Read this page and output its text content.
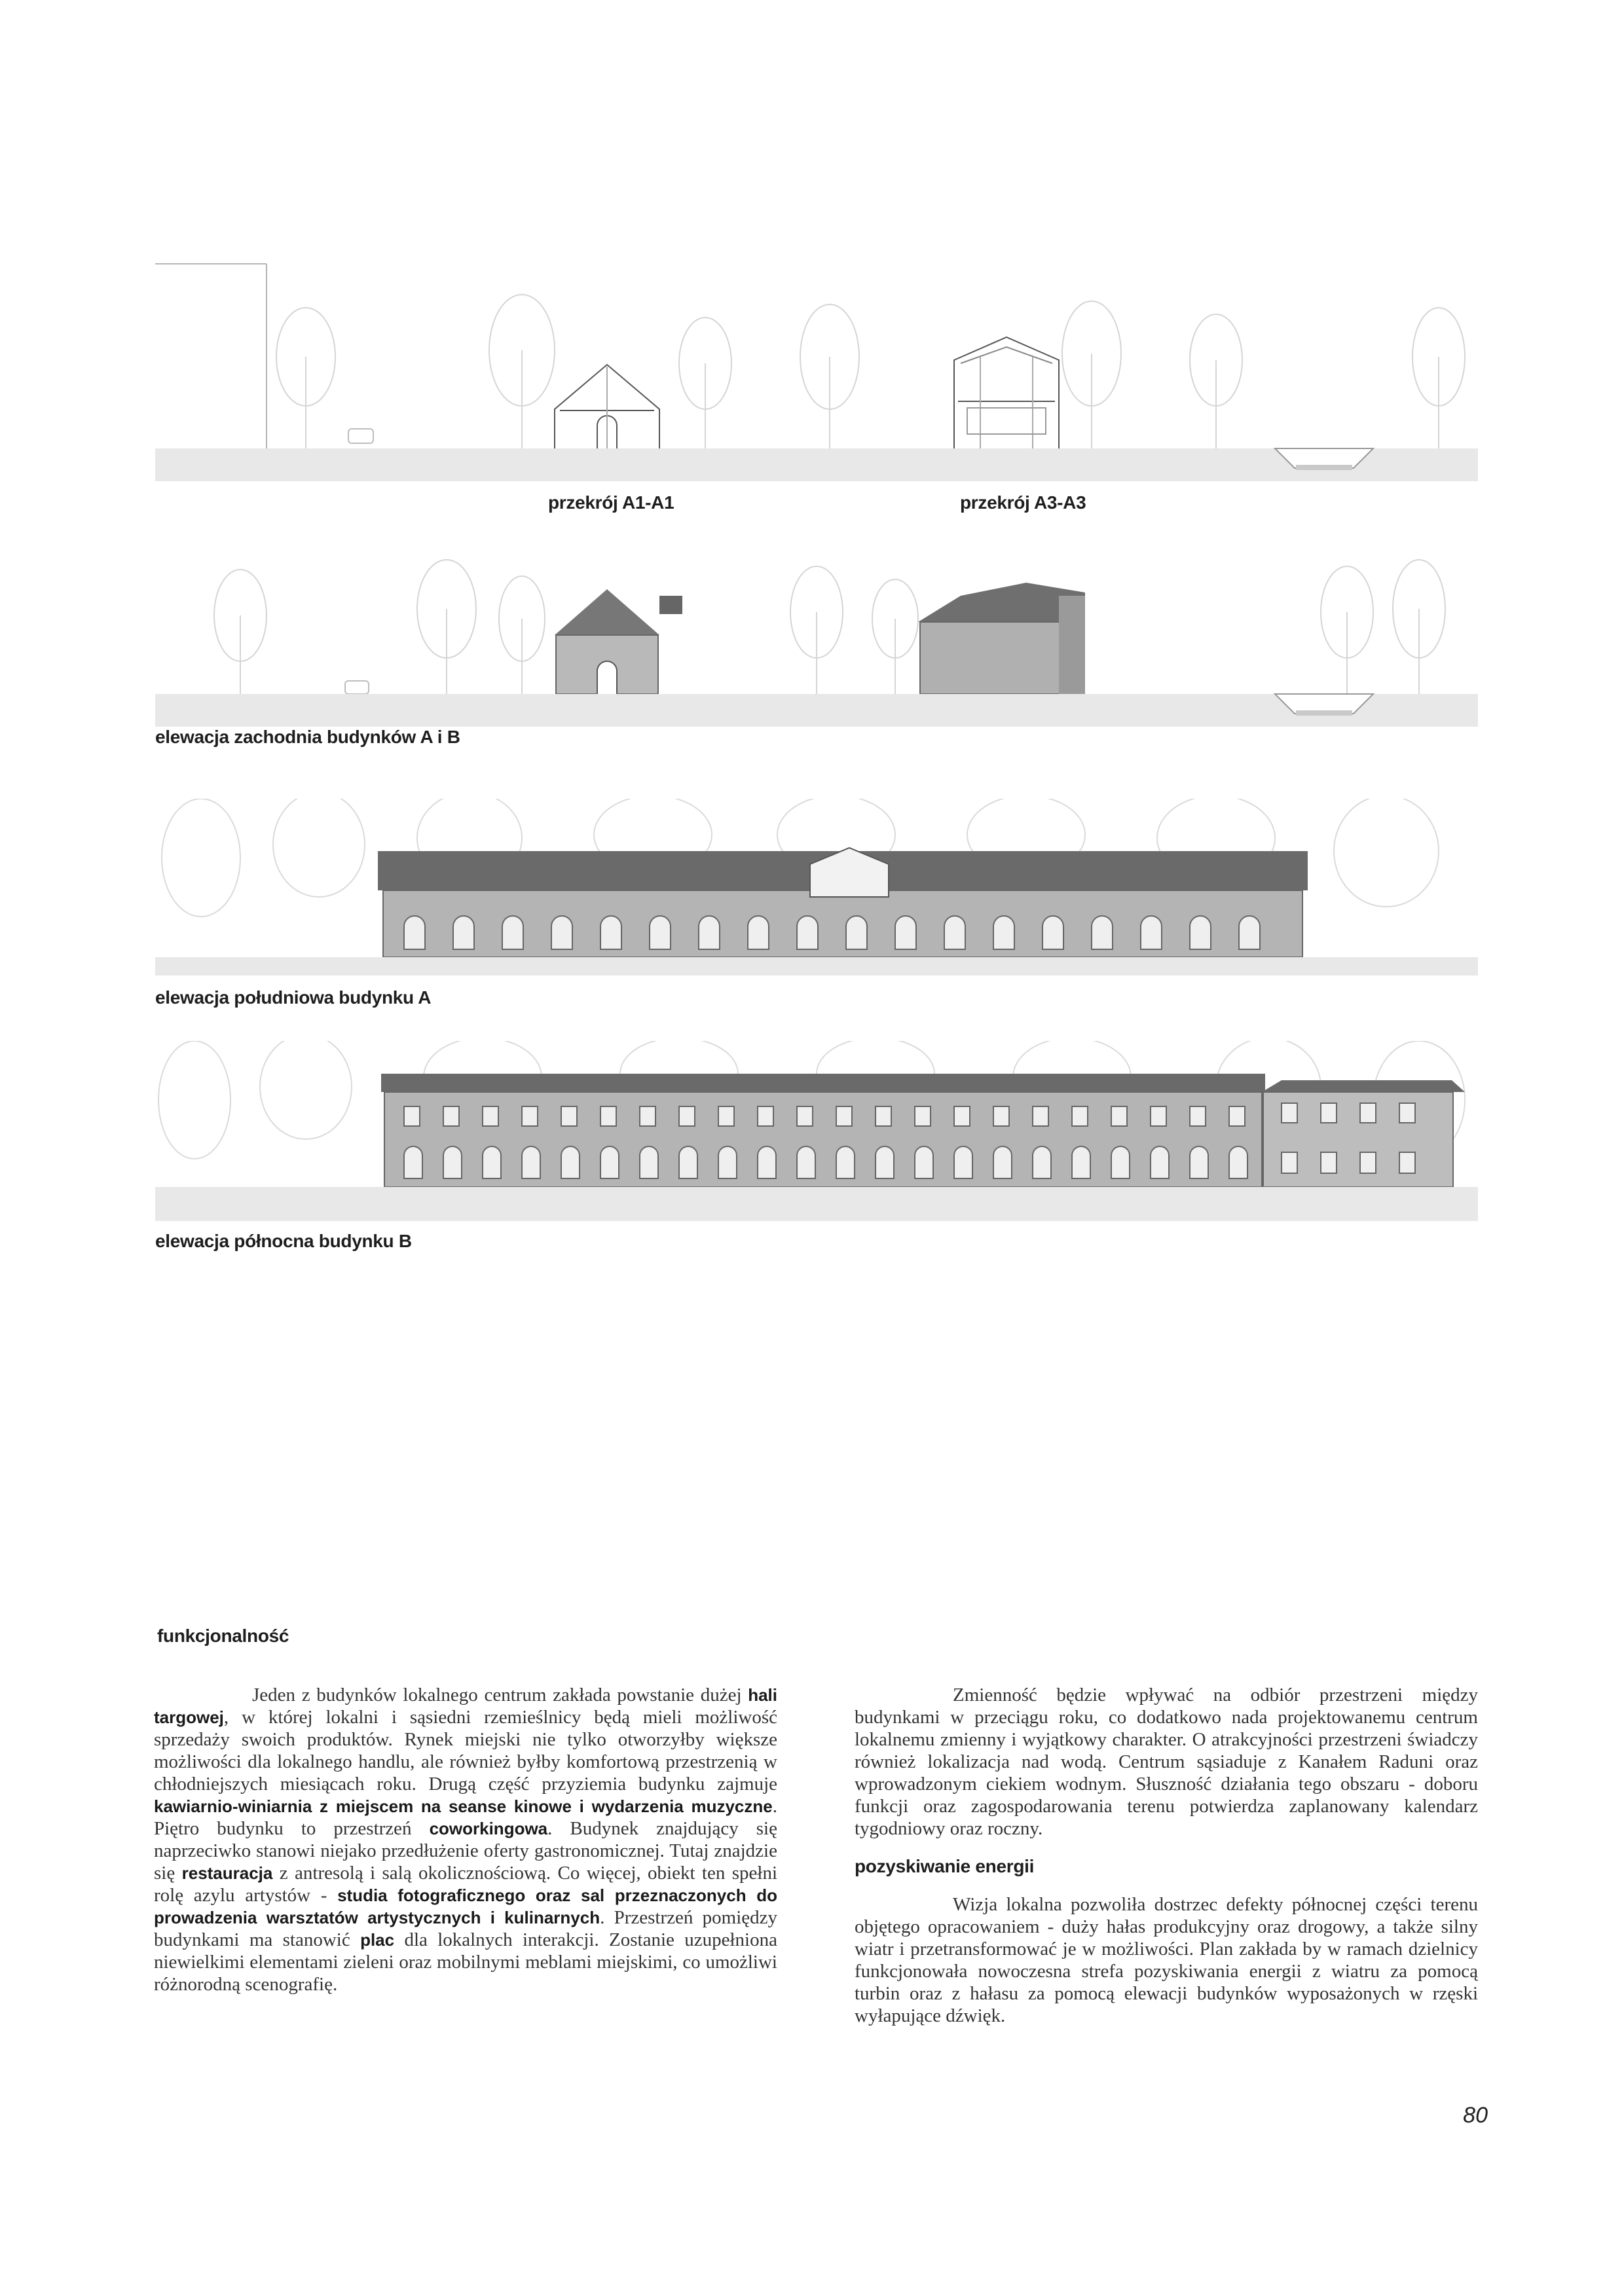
przekrój A1-A1	przekrój A3-A3
elewacja zachodnia budynków A i B
elewacja południowa budynku A
elewacja północna budynku B
funkcjonalność

Jeden z budynków lokalnego centrum zakłada powstanie dużej hali targowej, w której lokalni i sąsiedni rzemieślnicy będą mieli możliwość sprzedaży swoich produktów. Rynek miejski nie tylko otworzyłby większe możliwości dla lokalnego handlu, ale również byłby komfortową przestrzenią w chłodniejszych miesiącach roku. Drugą część przyziemia budynku zajmuje kawiarnio-winiarnia z miejscem na seanse kinowe i wydarzenia muzyczne. Piętro budynku to przestrzeń coworkingowa. Budynek znajdujący się naprzeciwko stanowi niejako przedłużenie oferty gastronomicznej. Tutaj znajdzie się restauracja z antresolą i salą okolicznościową. Co więcej, obiekt ten spełni rolę azylu artystów - studia fotograficznego oraz sal przeznaczonych do prowadzenia warsztatów artystycznych i kulinarnych. Przestrzeń pomiędzy budynkami ma stanowić plac dla lokalnych interakcji. Zostanie uzupełniona niewielkimi elementami zieleni oraz mobilnymi meblami miejskimi, co umożliwi różnorodną scenografię.

Zmienność będzie wpływać na odbiór przestrzeni między budynkami w przeciągu roku, co dodatkowo nada projektowanemu centrum lokalnemu zmienny i wyjątkowy charakter. O atrakcyjności przestrzeni świadczy również lokalizacja nad wodą. Centrum sąsiaduje z Kanałem Raduni oraz wprowadzonym ciekiem wodnym. Słuszność działania tego obszaru - doboru funkcji oraz zagospodarowania terenu potwierdza zaplanowany kalendarz tygodniowy oraz roczny.

pozyskiwanie energii

Wizja lokalna pozwoliła dostrzec defekty północnej części terenu objętego opracowaniem - duży hałas produkcyjny oraz drogowy, a także silny wiatr i przetransformować je w możliwości. Plan zakłada by w ramach dzielnicy funkcjonowała nowoczesna strefa pozyskiwania energii z wiatru za pomocą turbin oraz z hałasu za pomocą elewacji budynków wyposażonych w rzęski wyłapujące dźwięk.

80
